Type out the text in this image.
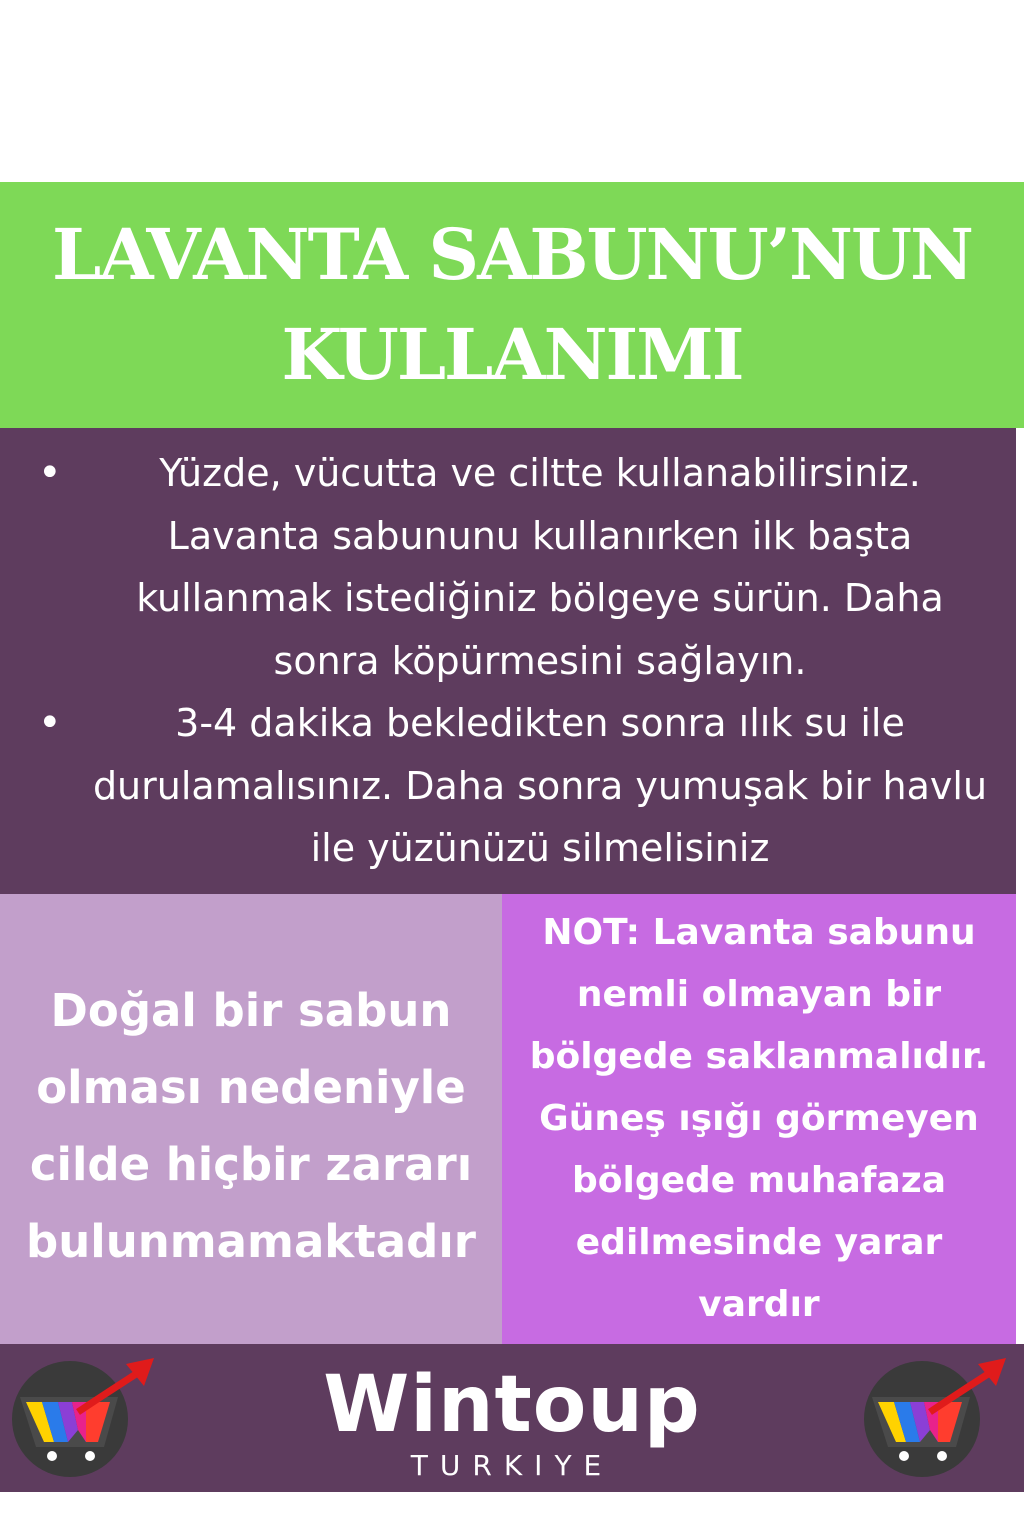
LAVANTA SABUNU’NUN
KULLANIMI
•	Yüzde, vücutta ve ciltte kullanabilirsiniz. Lavanta sabununu kullanırken ilk başta kullanmak istediğiniz bölgeye sürün. Daha sonra köpürmesini sağlayın.
•	3-4 dakika bekledikten sonra ılık su ile durulamalısınız. Daha sonra yumuşak bir havlu ile yüzünüzü silmelisiniz
Doğal bir sabun
olması nedeniyle
cilde hiçbir zararı
bulunmamaktadır
NOT: Lavanta sabunu
nemli olmayan bir
bölgede saklanmalıdır.
Güneş ışığı görmeyen
bölgede muhafaza
edilmesinde yarar
vardır
Wintoup
TURKIYE
